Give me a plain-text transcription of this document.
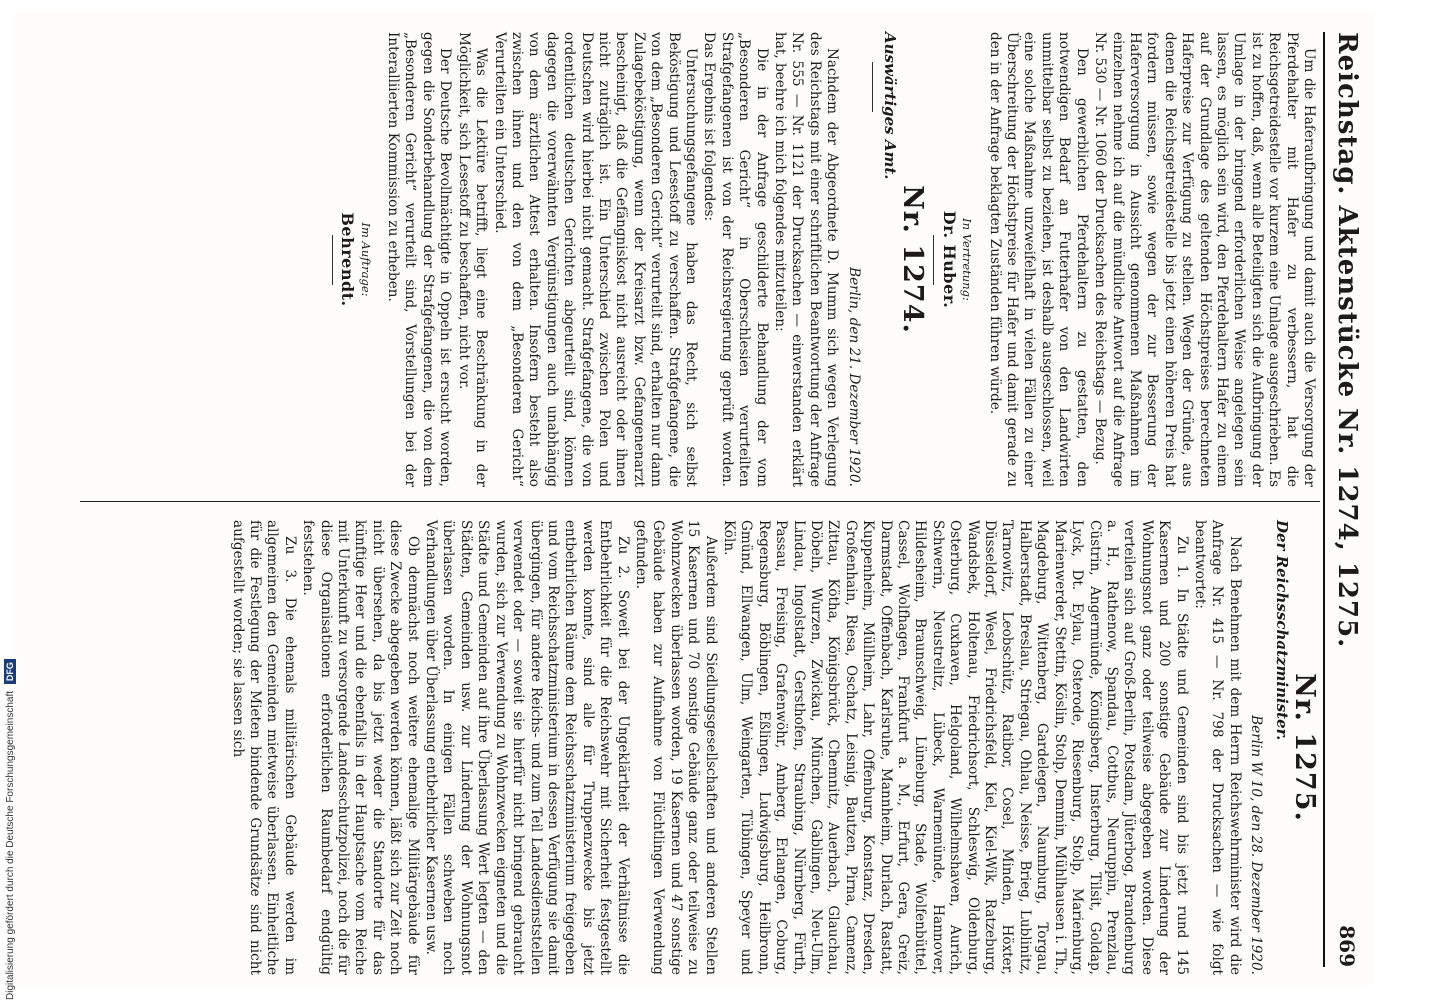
Reichstag. Aktenstücke Nr. 1274, 1275.
869

Um die Haferaufbringung und damit auch die Versorgung der Pferdehalter mit Hafer zu verbessern, hat die Reichsgetreidestelle vor kurzem eine Umlage ausgeschrieben. Es ist zu hoffen, daß, wenn alle Beteiligten sich die Aufbringung der Umlage in der bringend erforderlichen Weise angelegen sein lassen, es möglich sein wird, den Pferdehaltern Hafer zu einem auf der Grundlage des geltenden Höchstpreises berechneten Haferpreise zur Verfügung zu stellen. Wegen der Gründe, aus denen die Reichsgetreidestelle bis jetzt einen höheren Preis hat fordern müssen, sowie wegen der zur Besserung der Haferversorgung in Aussicht genommenen Maßnahmen im einzelnen nehme ich auf die mündliche Antwort auf die Anfrage Nr. 530 — Nr. 1060 der Drucksachen des Reichstags — Bezug.

Den gewerblichen Pferdehaltern zu gestatten, den notwendigen Bedarf an Futterhafer von den Landwirten unmittelbar selbst zu beziehen, ist deshalb ausgeschlossen, weil eine solche Maßnahme unzweifelhaft in vielen Fällen zu einer Überschreitung der Höchstpreise für Hafer und damit gerade zu den in der Anfrage beklagten Zuständen führen würde.

In Vertretung:
Dr. Huber.
Nr. 1274.
Auswärtiges Amt.
Berlin, den 21. Dezember 1920.

Nachdem der Abgeordnete D. Mumm sich wegen Verlegung des Reichstags mit einer schriftlichen Beantwortung der Anfrage Nr. 555 — Nr. 1121 der Drucksachen — einverstanden erklärt hat, beehre ich mich folgendes mitzuteilen:

Die in der Anfrage geschilderte Behandlung der vom „Besonderen Gericht“ in Oberschlesien verurteilten Strafgefangenen ist von der Reichsregierung geprüft worden. Das Ergebnis ist folgendes:

Untersuchungsgefangene haben das Recht, sich selbst Beköstigung und Lesestoff zu verschaffen. Strafgefangene, die von dem „Besonderen Gericht“ verurteilt sind, erhalten nur dann Zulagebeköstigung, wenn der Kreisarzt bzw. Gefangenenarzt bescheinigt, daß die Gefängniskost nicht ausreicht oder ihnen nicht zuträglich ist. Ein Unterschied zwischen Polen und Deutschen wird hierbei nicht gemacht. Strafgefangene, die von ordentlichen deutschen Gerichten abgeurteilt sind, können dagegen die vorerwähnten Vergünstigungen auch unabhängig von dem ärztlichen Attest erhalten. Insofern besteht also zwischen ihnen und den von dem „Besonderen Gericht“ Verurteilten ein Unterschied.

Was die Lektüre betrifft, liegt eine Beschränkung in der Möglichkeit, sich Lesestoff zu beschaffen, nicht vor.

Der Deutsche Bevollmächtigte in Oppeln ist ersucht worden, gegen die Sonderbehandlung der Strafgefangenen, die von dem „Besonderen Gericht“ verurteilt sind, Vorstellungen bei der Interalliierten Kommission zu erheben.

Im Auftrage:
Behrendt.
Nr. 1275.
Der Reichsschatzminister.
Berlin W 10, den 28. Dezember 1920.

Nach Benehmen mit dem Herrn Reichswehrminister wird die Anfrage Nr. 415 — Nr. 798 der Drucksachen — wie folgt beantwortet:

Zu 1. In Städte und Gemeinden sind bis jetzt rund 145 Kasernen und 200 sonstige Gebäude zur Linderung der Wohnungsnot ganz oder teilweise abgegeben worden. Diese verteilen sich auf Groß-Berlin, Potsdam, Jüterbog, Brandenburg a. H., Rathenow, Spandau, Cottbus, Neuruppin, Prenzlau, Cüstrin, Angermünde, Königsberg, Insterburg, Tilsit, Goldap, Lyck, Dt. Eylau, Osterode, Riesenburg, Stolp, Marienburg, Marienwerder, Stettin, Köslin, Stolp, Demmin, Mühlhausen i. Th., Magdeburg, Wittenberg, Gardelegen, Naumburg, Torgau, Halberstadt, Breslau, Striegau, Ohlau, Neisse, Brieg, Lublinitz, Tarnowitz, Leobschütz, Ratibor, Cosel, Minden, Höxter, Düsseldorf, Wesel, Friedrichsfeld, Kiel, Kiel-Wik, Ratzeburg, Wandsbek, Holtenau, Friedrichsort, Schleswig, Oldenburg, Osterburg, Cuxhaven, Helgoland, Wilhelmshaven, Aurich, Schwerin, Neustrelitz, Lübeck, Warnemünde, Hannover, Hildesheim, Braunschweig, Lüneburg, Stade, Wolfenbüttel, Cassel, Wolfhagen, Frankfurt a. M., Erfurt, Gera, Greiz, Darmstadt, Offenbach, Karlsruhe, Mannheim, Durlach, Rastatt, Kuppenheim, Müllheim, Lahr, Offenburg, Konstanz, Dresden, Großenhain, Riesa, Oschatz, Leisnig, Bautzen, Pirna, Camenz, Zittau, Kötha, Königsbrück, Chemnitz, Auerbach, Glauchau, Döbeln, Wurzen, Zwickau, München, Gablingen, Neu-Ulm, Lindau, Ingolstadt, Gersthofen, Straubing, Nürnberg, Fürth, Passau, Freising, Grafenwöhr, Amberg, Erlangen, Coburg, Regensburg, Böblingen, Eßlingen, Ludwigsburg, Heilbronn, Gmünd, Ellwangen, Ulm, Weingarten, Tübingen, Speyer und Köln.

Außerdem sind Siedlungsgesellschaften und anderen Stellen 15 Kasernen und 70 sonstige Gebäude ganz oder teilweise zu Wohnzwecken überlassen worden, 19 Kasernen und 47 sonstige Gebäude haben zur Aufnahme von Flüchtlingen Verwendung gefunden.

Zu 2. Soweit bei der Ungeklärtheit der Verhältnisse die Entbehrlichkeit für die Reichswehr mit Sicherheit festgestellt werden konnte, sind alle für Truppenzwecke bis jetzt entbehrlichen Räume dem Reichsschatzministerium freigegeben und vom Reichsschatzministerium in dessen Verfügung sie damit übergingen, für andere Reichs- und zum Teil Landesdienststellen verwendet oder — soweit sie hierfür nicht bringend gebraucht wurden, sich zur Verwendung zu Wohnzwecken eigneten und die Städte und Gemeinden auf ihre Überlassung Wert legten — den Städten, Gemeinden usw. zur Linderung der Wohnungsnot überlassen worden. In einigen Fällen schweben noch Verhandlungen über Überlassung entbehrlicher Kasernen usw.

Ob demnächst noch weitere ehemalige Militärgebäude für diese Zwecke abgegeben werden können, läßt sich zur Zeit noch nicht übersehen, da bis jetzt weder die Standorte für das künftige Heer und die ebenfalls in der Hauptsache vom Reiche mit Unterkunft zu versorgende Landesschutzpolizei, noch die für diese Organisationen erforderlichen Raumbedarf endgültig feststehen.

Zu 3. Die ehemals militärischen Gebäude werden im allgemeinen den Gemeinden mietweise überlassen. Einheitliche für die Festlegung der Mieten bindende Grundsätze sind nicht aufgestellt worden; sie lassen sich

Digitalisierung gefördert durch die Deutsche Forschungsgemeinschaft DFG
